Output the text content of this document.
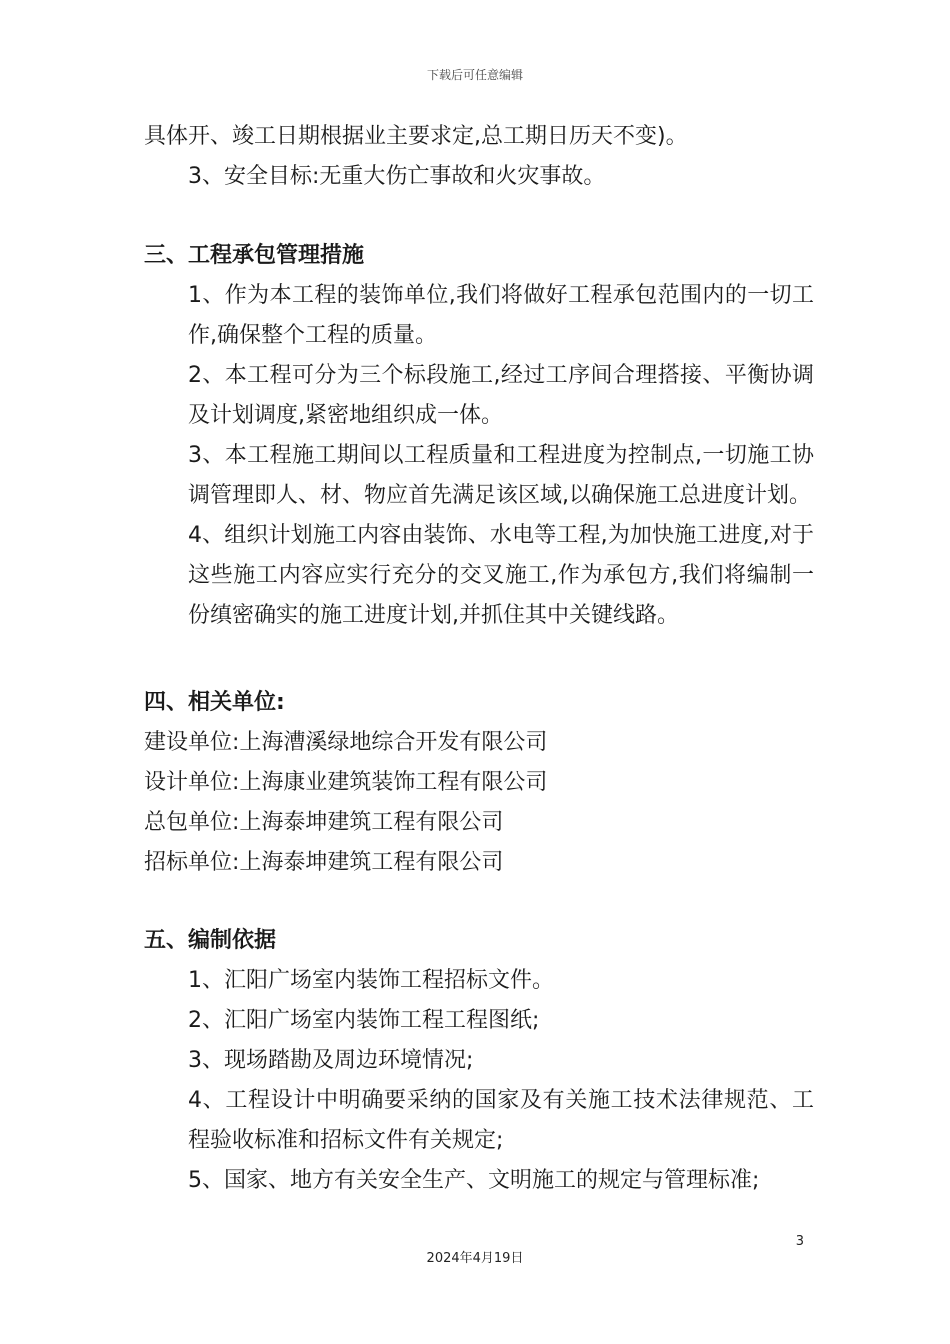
下载后可任意编辑

具体开、竣工日期根据业主要求定,总工期日历天不变)。

3、安全目标:无重大伤亡事故和火灾事故。

三、工程承包管理措施

1、作为本工程的装饰单位,我们将做好工程承包范围内的一切工作,确保整个工程的质量。

2、本工程可分为三个标段施工,经过工序间合理搭接、平衡协调及计划调度,紧密地组织成一体。

3、本工程施工期间以工程质量和工程进度为控制点,一切施工协调管理即人、材、物应首先满足该区域,以确保施工总进度计划。

4、组织计划施工内容由装饰、水电等工程,为加快施工进度,对于这些施工内容应实行充分的交叉施工,作为承包方,我们将编制一份缜密确实的施工进度计划,并抓住其中关键线路。

四、相关单位:

建设单位:上海漕溪绿地综合开发有限公司

设计单位:上海康业建筑装饰工程有限公司

总包单位:上海泰坤建筑工程有限公司

招标单位:上海泰坤建筑工程有限公司

五、编制依据

1、汇阳广场室内装饰工程招标文件。

2、汇阳广场室内装饰工程工程图纸;

3、现场踏勘及周边环境情况;

4、工程设计中明确要采纳的国家及有关施工技术法律规范、工程验收标准和招标文件有关规定;

5、国家、地方有关安全生产、文明施工的规定与管理标准;

3
2024年4月19日
